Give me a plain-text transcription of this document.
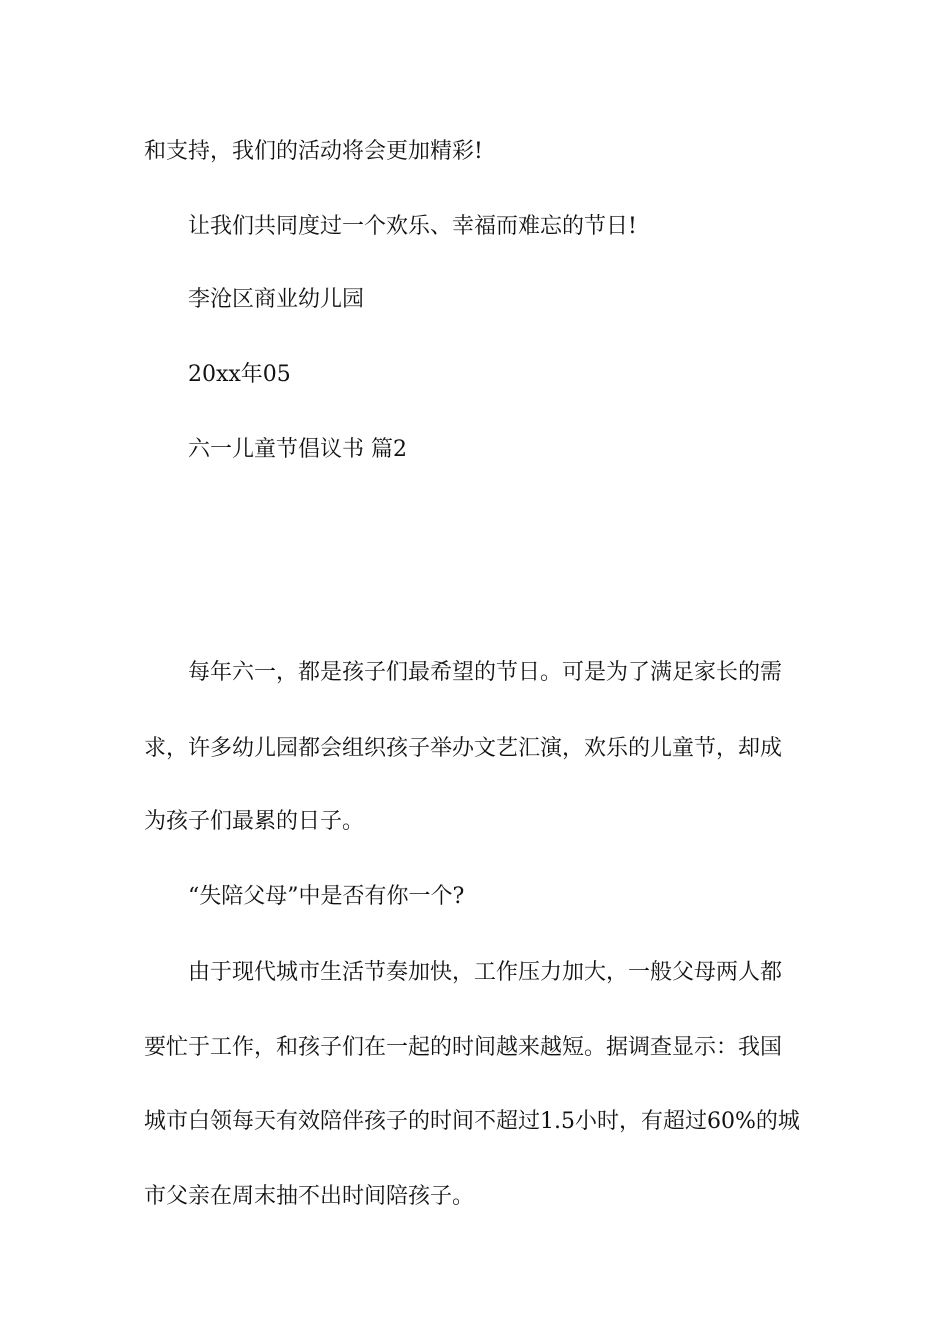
和支持，我们的活动将会更加精彩!

让我们共同度过一个欢乐、幸福而难忘的节日!

李沧区商业幼儿园

20xx年05

六一儿童节倡议书 篇2

每年六一，都是孩子们最希望的节日。可是为了满足家长的需

求，许多幼儿园都会组织孩子举办文艺汇演，欢乐的儿童节，却成

为孩子们最累的日子。

“失陪父母”中是否有你一个?

由于现代城市生活节奏加快，工作压力加大，一般父母两人都

要忙于工作，和孩子们在一起的时间越来越短。据调查显示：我国

城市白领每天有效陪伴孩子的时间不超过1.5小时，有超过60%的城

市父亲在周末抽不出时间陪孩子。
